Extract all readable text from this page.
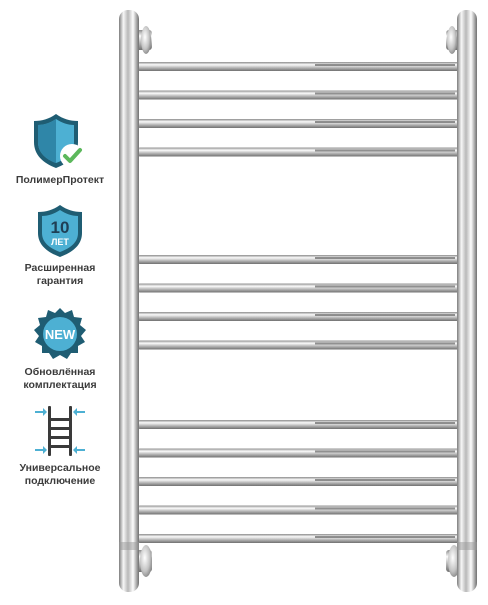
ПолимерПротект
10
ЛЕТ
Расширенная
гарантия
NEW
Обновлённая
комплектация
Универсальное
подключение
